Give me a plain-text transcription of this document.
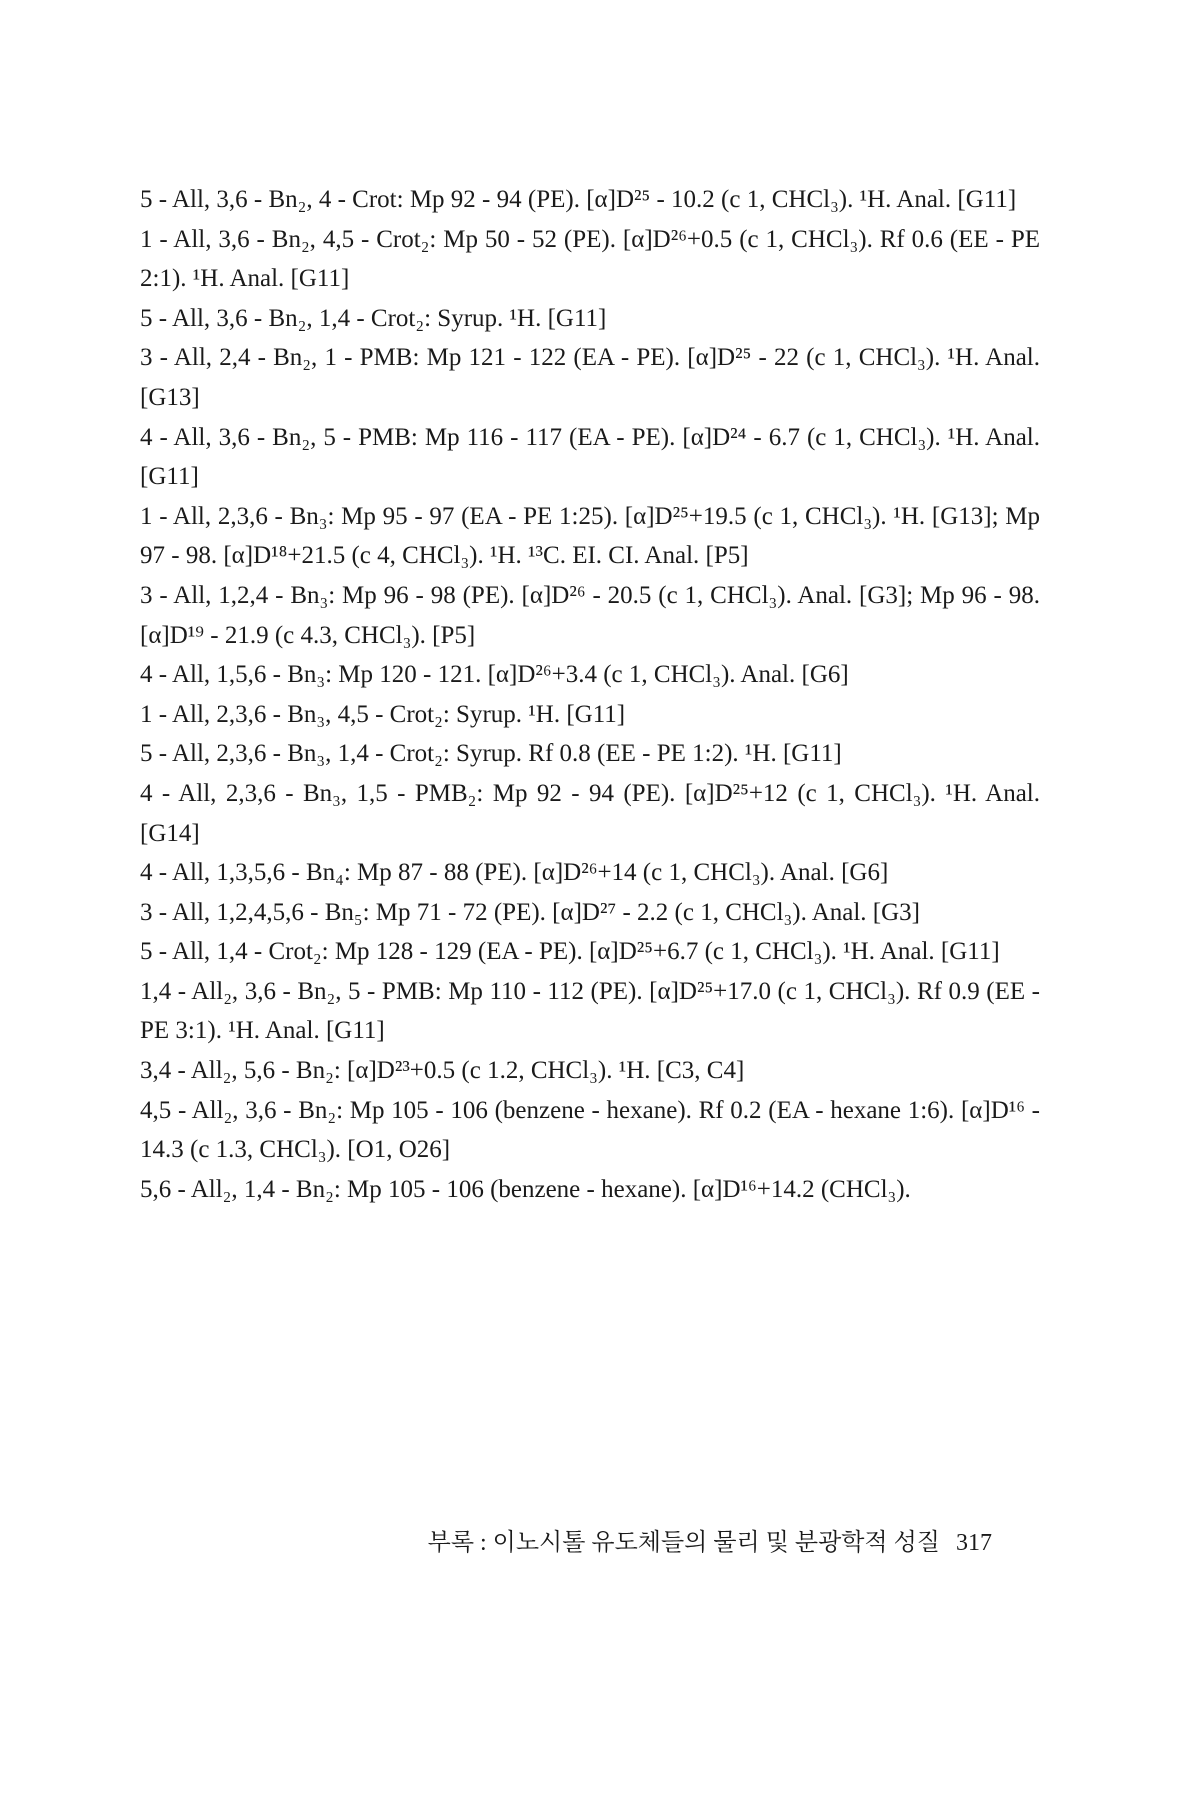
5 - All, 3,6 - Bn₂, 4 - Crot: Mp 92 - 94 (PE). [α]D²⁵ - 10.2 (c 1, CHCl₃). ¹H. Anal. [G11]

1 - All, 3,6 - Bn₂, 4,5 - Crot₂: Mp 50 - 52 (PE). [α]D²⁶+0.5 (c 1, CHCl₃). Rf 0.6 (EE - PE 2:1). ¹H. Anal. [G11]

5 - All, 3,6 - Bn₂, 1,4 - Crot₂: Syrup. ¹H. [G11]

3 - All, 2,4 - Bn₂, 1 - PMB: Mp 121 - 122 (EA - PE). [α]D²⁵ - 22 (c 1, CHCl₃). ¹H. Anal. [G13]

4 - All, 3,6 - Bn₂, 5 - PMB: Mp 116 - 117 (EA - PE). [α]D²⁴ - 6.7 (c 1, CHCl₃). ¹H. Anal. [G11]

1 - All, 2,3,6 - Bn₃: Mp 95 - 97 (EA - PE 1:25). [α]D²⁵+19.5 (c 1, CHCl₃). ¹H. [G13]; Mp 97 - 98. [α]D¹⁸+21.5 (c 4, CHCl₃). ¹H. ¹³C. EI. CI. Anal. [P5]

3 - All, 1,2,4 - Bn₃: Mp 96 - 98 (PE). [α]D²⁶ - 20.5 (c 1, CHCl₃). Anal. [G3]; Mp 96 - 98. [α]D¹⁹ - 21.9 (c 4.3, CHCl₃). [P5]

4 - All, 1,5,6 - Bn₃: Mp 120 - 121. [α]D²⁶+3.4 (c 1, CHCl₃). Anal. [G6]

1 - All, 2,3,6 - Bn₃, 4,5 - Crot₂: Syrup. ¹H. [G11]

5 - All, 2,3,6 - Bn₃, 1,4 - Crot₂: Syrup. Rf 0.8 (EE - PE 1:2). ¹H. [G11]

4 - All, 2,3,6 - Bn₃, 1,5 - PMB₂: Mp 92 - 94 (PE). [α]D²⁵+12 (c 1, CHCl₃). ¹H. Anal. [G14]

4 - All, 1,3,5,6 - Bn₄: Mp 87 - 88 (PE). [α]D²⁶+14 (c 1, CHCl₃). Anal. [G6]

3 - All, 1,2,4,5,6 - Bn₅: Mp 71 - 72 (PE). [α]D²⁷ - 2.2 (c 1, CHCl₃). Anal. [G3]

5 - All, 1,4 - Crot₂: Mp 128 - 129 (EA - PE). [α]D²⁵+6.7 (c 1, CHCl₃). ¹H. Anal. [G11]

1,4 - All₂, 3,6 - Bn₂, 5 - PMB: Mp 110 - 112 (PE). [α]D²⁵+17.0 (c 1, CHCl₃). Rf 0.9 (EE - PE 3:1). ¹H. Anal. [G11]

3,4 - All₂, 5,6 - Bn₂: [α]D²³+0.5 (c 1.2, CHCl₃). ¹H. [C3, C4]

4,5 - All₂, 3,6 - Bn₂: Mp 105 - 106 (benzene - hexane). Rf 0.2 (EA - hexane 1:6). [α]D¹⁶ - 14.3 (c 1.3, CHCl₃). [O1, O26]

5,6 - All₂, 1,4 - Bn₂: Mp 105 - 106 (benzene - hexane). [α]D¹⁶+14.2 (CHCl₃).

부록 : 이노시톨 유도체들의 물리 및 분광학적 성질 317
